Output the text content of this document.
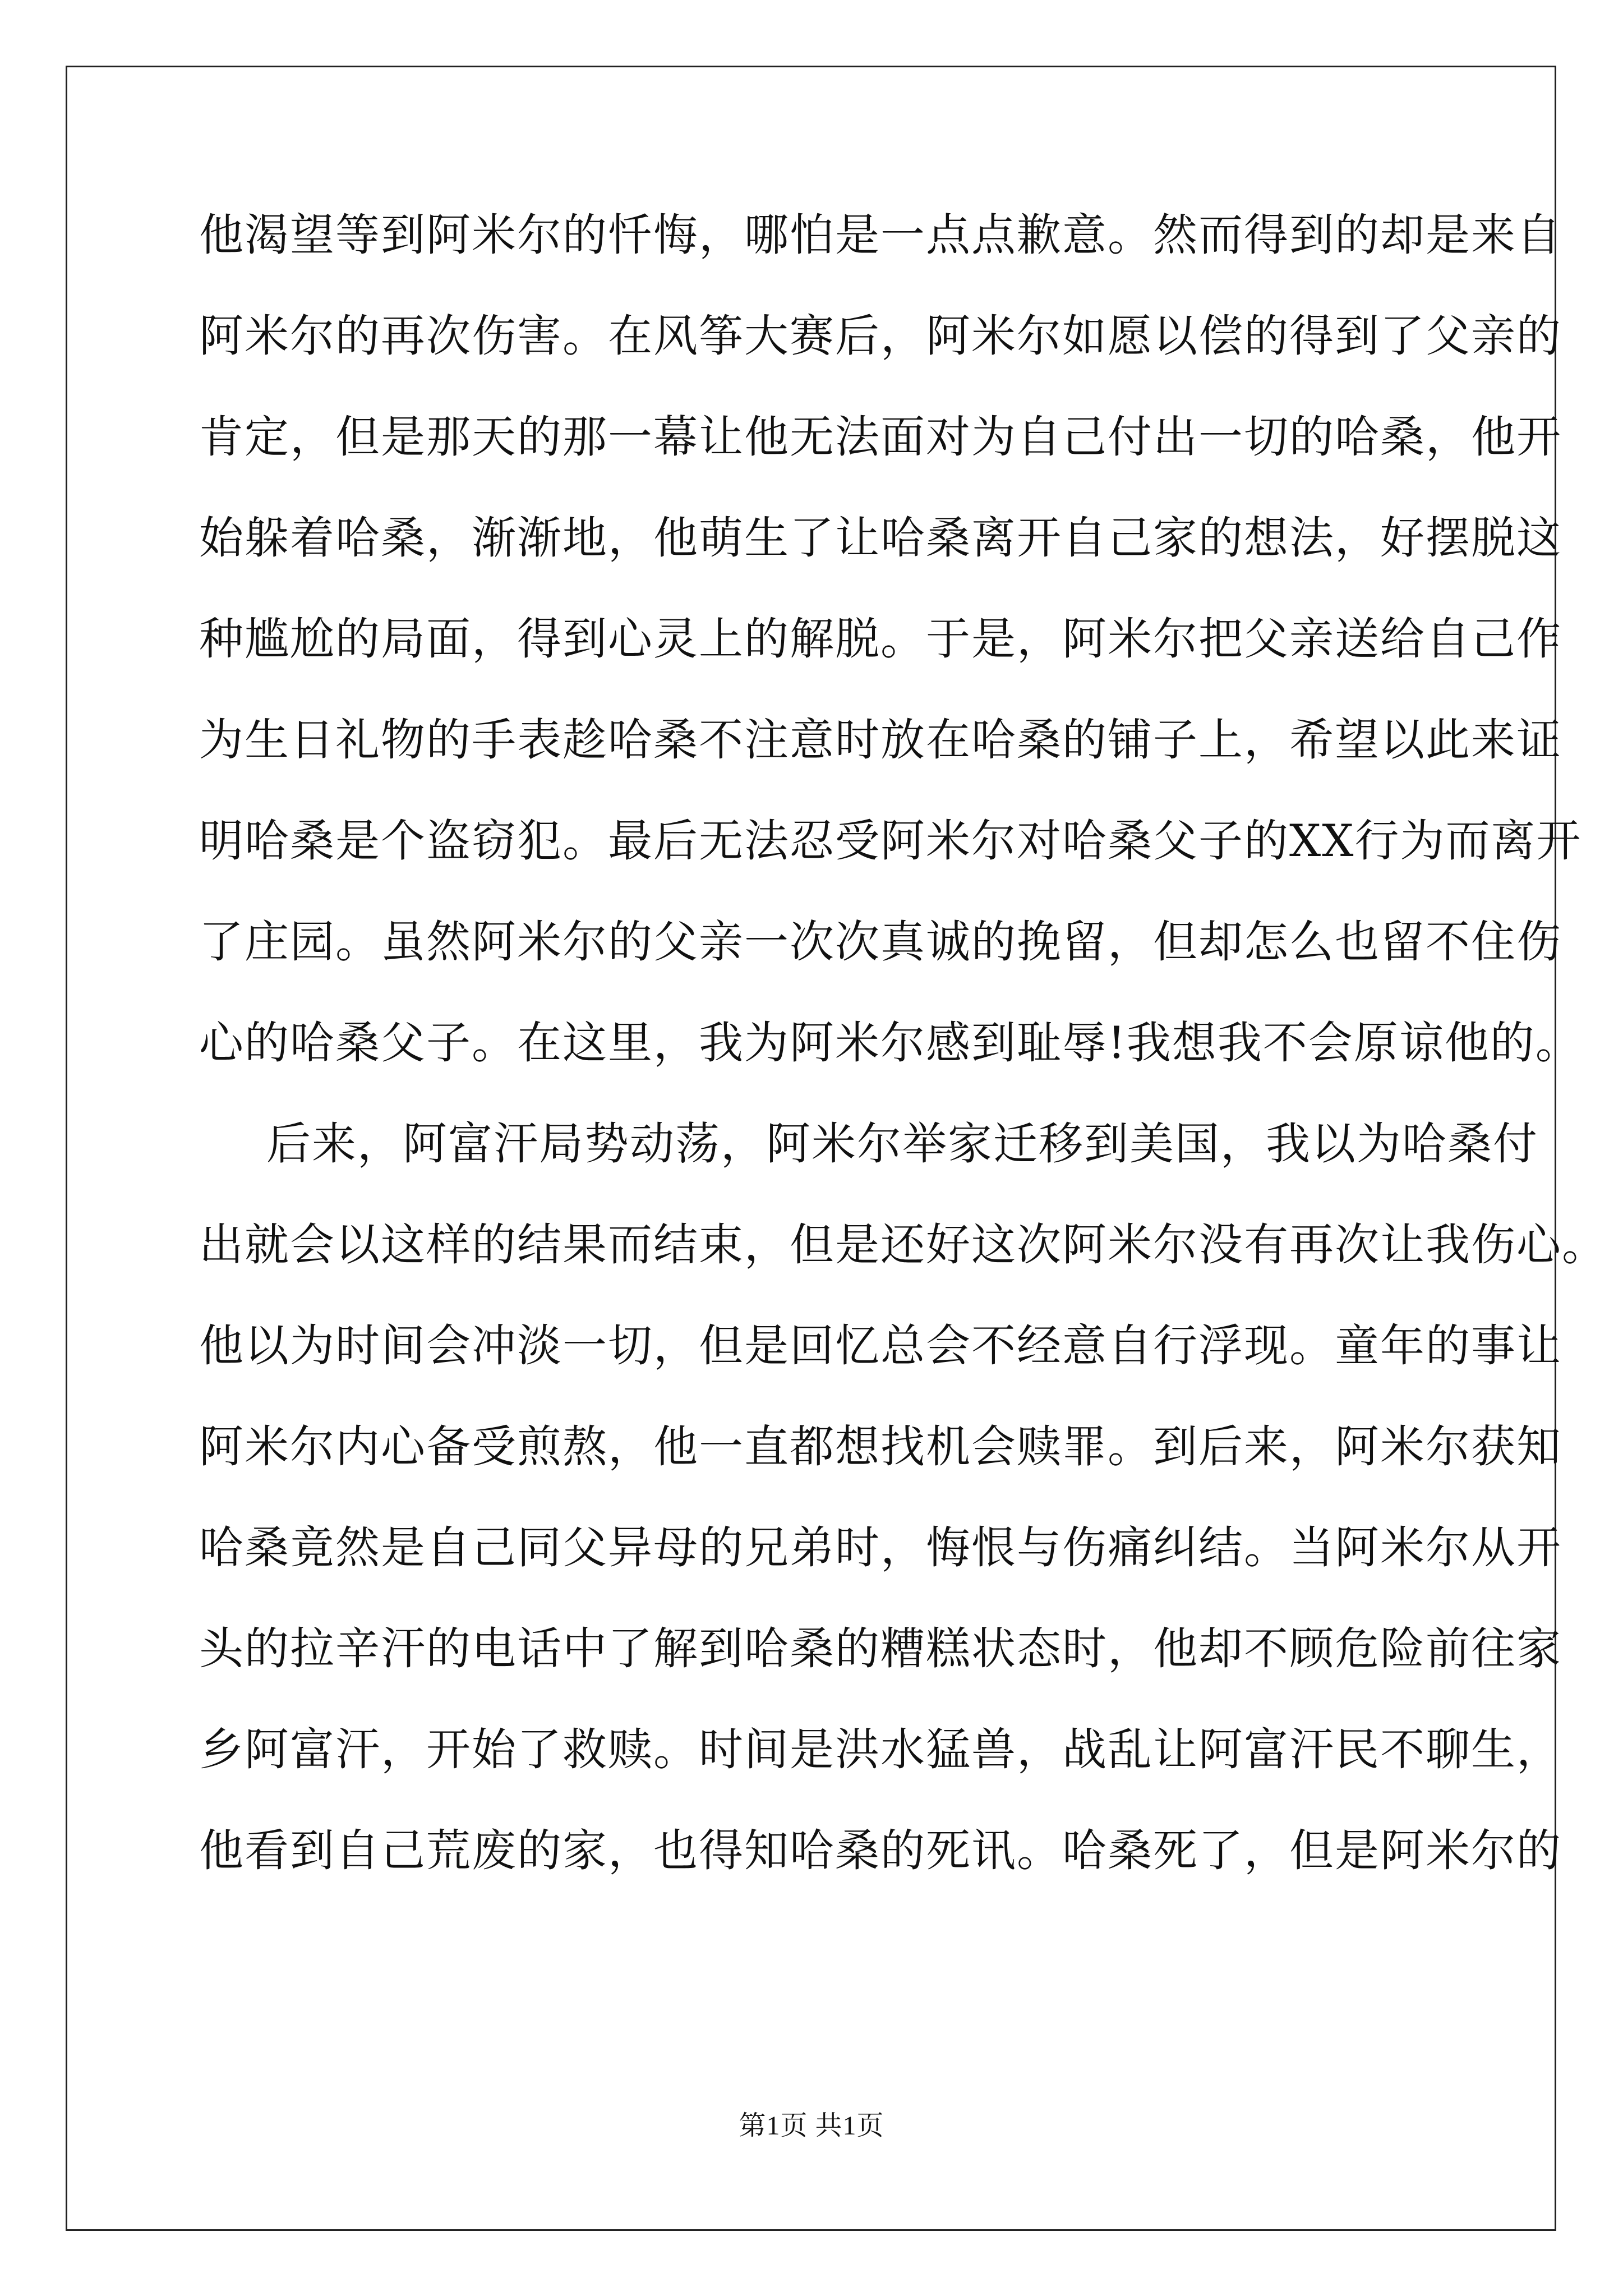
他渴望等到阿米尔的忏悔，哪怕是一点点歉意。然而得到的却是来自
阿米尔的再次伤害。在风筝大赛后，阿米尔如愿以偿的得到了父亲的
肯定，但是那天的那一幕让他无法面对为自己付出一切的哈桑，他开
始躲着哈桑，渐渐地，他萌生了让哈桑离开自己家的想法，好摆脱这
种尴尬的局面，得到心灵上的解脱。于是，阿米尔把父亲送给自己作
为生日礼物的手表趁哈桑不注意时放在哈桑的铺子上，希望以此来证
明哈桑是个盗窃犯。最后无法忍受阿米尔对哈桑父子的XX行为而离开
了庄园。虽然阿米尔的父亲一次次真诚的挽留，但却怎么也留不住伤
心的哈桑父子。在这里，我为阿米尔感到耻辱!我想我不会原谅他的。
后来，阿富汗局势动荡，阿米尔举家迁移到美国，我以为哈桑付
出就会以这样的结果而结束，但是还好这次阿米尔没有再次让我伤心。
他以为时间会冲淡一切，但是回忆总会不经意自行浮现。童年的事让
阿米尔内心备受煎熬，他一直都想找机会赎罪。到后来，阿米尔获知
哈桑竟然是自己同父异母的兄弟时，悔恨与伤痛纠结。当阿米尔从开
头的拉辛汗的电话中了解到哈桑的糟糕状态时，他却不顾危险前往家
乡阿富汗，开始了救赎。时间是洪水猛兽，战乱让阿富汗民不聊生，
他看到自己荒废的家，也得知哈桑的死讯。哈桑死了，但是阿米尔的
第1页 共1页
